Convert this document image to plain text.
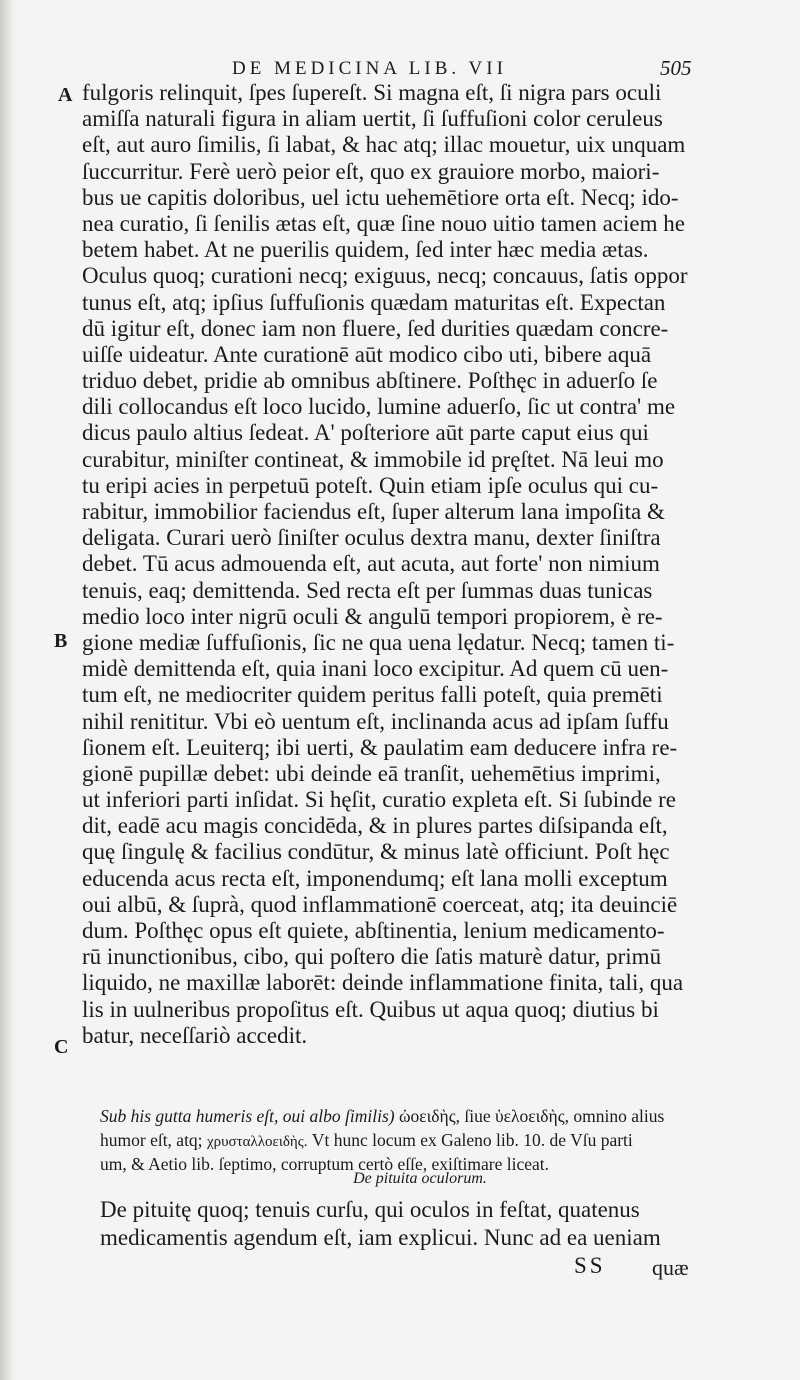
DE MEDICINA LIB. VII	505
A
B
C
fulgoris relinquit, ſpes ſupereſt. Si magna eſt, ſi nigra pars oculi
amiſſa naturali figura in aliam uertit, ſi ſuffuſioni color ceruleus
eſt, aut auro ſimilis, ſi labat, & hac atq; illac mouetur, uix unquam
ſuccurritur. Ferè uerò peior eſt, quo ex grauiore morbo, maiori-
bus ue capitis doloribus, uel ictu uehemētiore orta eſt. Necq; ido-
nea curatio, ſi ſenilis ætas eſt, quæ ſine nouo uitio tamen aciem he
betem habet. At ne puerilis quidem, ſed inter hæc media ætas.
Oculus quoq; curationi necq; exiguus, necq; concauus, ſatis oppor
tunus eſt, atq; ipſius ſuffuſionis quædam maturitas eſt. Expectan
dū igitur eſt, donec iam non fluere, ſed durities quædam concre-
uiſſe uideatur. Ante curationē aūt modico cibo uti, bibere aquā
triduo debet, pridie ab omnibus abſtinere. Poſthęc in aduerſo ſe
dili collocandus eſt loco lucido, lumine aduerſo, ſic ut contra' me
dicus paulo altius ſedeat. A' poſteriore aūt parte caput eius qui
curabitur, miniſter contineat, & immobile id pręſtet. Nā leui mo
tu eripi acies in perpetuū poteſt. Quin etiam ipſe oculus qui cu-
rabitur, immobilior faciendus eſt, ſuper alterum lana impoſita &
deligata. Curari uerò ſiniſter oculus dextra manu, dexter ſiniſtra
debet. Tū acus admouenda eſt, aut acuta, aut forte' non nimium
tenuis, eaq; demittenda. Sed recta eſt per ſummas duas tunicas
medio loco inter nigrū oculi & angulū tempori propiorem, è re-
gione mediæ ſuffuſionis, ſic ne qua uena lędatur. Necq; tamen ti-
midè demittenda eſt, quia inani loco excipitur. Ad quem cū uen-
tum eſt, ne mediocriter quidem peritus falli poteſt, quia premēti
nihil renititur. Vbi eò uentum eſt, inclinanda acus ad ipſam ſuffu
ſionem eſt. Leuiterq; ibi uerti, & paulatim eam deducere infra re-
gionē pupillæ debet: ubi deinde eā tranſit, uehemētius imprimi,
ut inferiori parti inſidat. Si hęſit, curatio expleta eſt. Si ſubinde re
dit, eadē acu magis concidēda, & in plures partes diſsipanda eſt,
quę ſingulę & facilius condūtur, & minus latè officiunt. Poſt hęc
educenda acus recta eſt, imponendumq; eſt lana molli exceptum
oui albū, & ſuprà, quod inflammationē coerceat, atq; ita deuinciē
dum. Poſthęc opus eſt quiete, abſtinentia, lenium medicamento-
rū inunctionibus, cibo, qui poſtero die ſatis maturè datur, primū
liquido, ne maxillæ laborēt: deinde inflammatione finita, tali, qua
lis in uulneribus propoſitus eſt. Quibus ut aqua quoq; diutius bi
batur, neceſſariò accedit.
Sub his gutta humeris eſt, oui albo ſimilis) ὠοειδὴς, ſiue ὑελοειδὴς, omnino alius
humor eſt, atq; χρυσταλλοειδὴς. Vt hunc locum ex Galeno lib. 10. de Vſu parti
um, & Aetio lib. ſeptimo, corruptum certò eſſe, exiſtimare liceat.
De pituita oculorum.
De pituitę quoq; tenuis curſu, qui oculos in feſtat, quatenus
medicamentis agendum eſt, iam explicui. Nunc ad ea ueniam
SS quæ
